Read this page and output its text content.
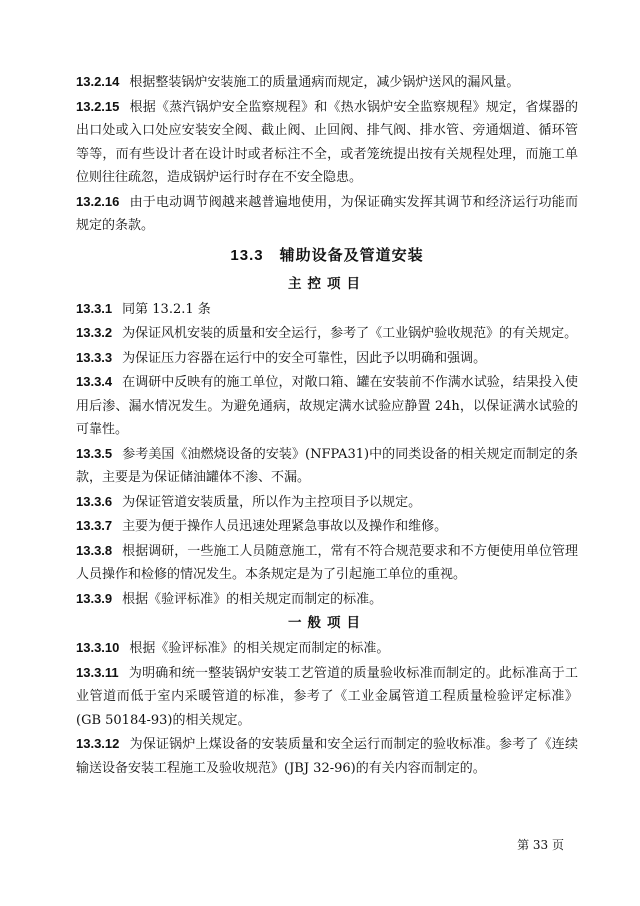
13.2.14 根据整装锅炉安装施工的质量通病而规定，减少锅炉送风的漏风量。

13.2.15 根据《蒸汽锅炉安全监察规程》和《热水锅炉安全监察规程》规定，省煤器的出口处或入口处应安装安全阀、截止阀、止回阀、排气阀、排水管、旁通烟道、循环管等等，而有些设计者在设计时或者标注不全，或者笼统提出按有关规程处理，而施工单位则往往疏忽，造成锅炉运行时存在不安全隐患。

13.2.16 由于电动调节阀越来越普遍地使用，为保证确实发挥其调节和经济运行功能而规定的条款。

13.3 辅助设备及管道安装
主控项目

13.3.1 同第 13.2.1 条

13.3.2 为保证风机安装的质量和安全运行，参考了《工业锅炉验收规范》的有关规定。

13.3.3 为保证压力容器在运行中的安全可靠性，因此予以明确和强调。

13.3.4 在调研中反映有的施工单位，对敞口箱、罐在安装前不作满水试验，结果投入使用后渗、漏水情况发生。为避免通病，故规定满水试验应静置 24h，以保证满水试验的可靠性。

13.3.5 参考美国《油燃烧设备的安装》(NFPA31)中的同类设备的相关规定而制定的条款，主要是为保证储油罐体不渗、不漏。

13.3.6 为保证管道安装质量，所以作为主控项目予以规定。

13.3.7 主要为便于操作人员迅速处理紧急事故以及操作和维修。

13.3.8 根据调研，一些施工人员随意施工，常有不符合规范要求和不方便使用单位管理人员操作和检修的情况发生。本条规定是为了引起施工单位的重视。

13.3.9 根据《验评标准》的相关规定而制定的标准。

一般项目

13.3.10 根据《验评标准》的相关规定而制定的标准。

13.3.11 为明确和统一整装锅炉安装工艺管道的质量验收标准而制定的。此标准高于工业管道而低于室内采暖管道的标准，参考了《工业金属管道工程质量检验评定标准》(GB 50184-93)的相关规定。

13.3.12 为保证锅炉上煤设备的安装质量和安全运行而制定的验收标准。参考了《连续输送设备安装工程施工及验收规范》(JBJ 32-96)的有关内容而制定的。

第 33 页
